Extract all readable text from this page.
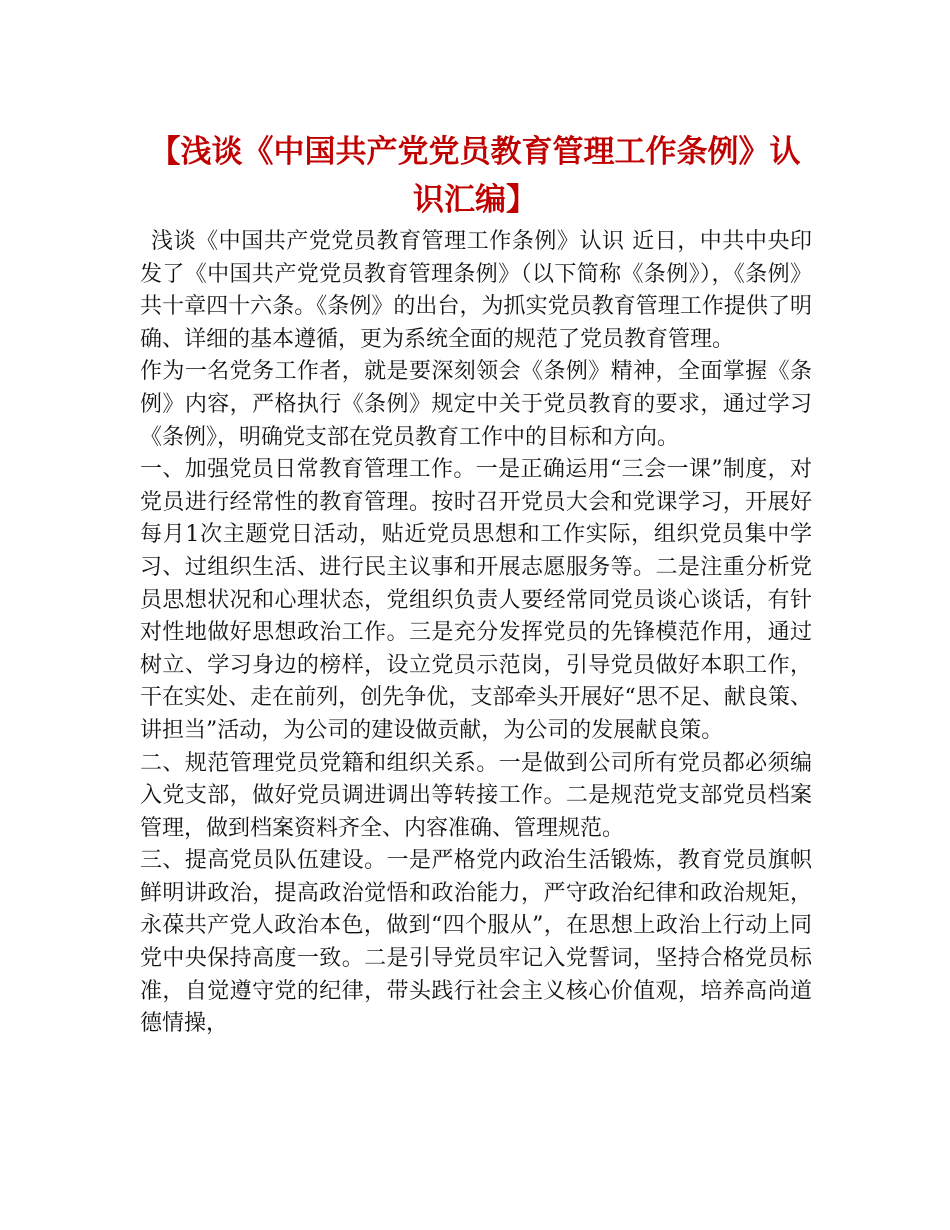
【浅谈《中国共产党党员教育管理工作条例》认识汇编】

浅谈《中国共产党党员教育管理工作条例》认识 近日，中共中央印发了《中国共产党党员教育管理条例》（以下简称《条例》），《条例》共十章四十六条。《条例》的出台，为抓实党员教育管理工作提供了明确、详细的基本遵循，更为系统全面的规范了党员教育管理。

作为一名党务工作者，就是要深刻领会《条例》精神，全面掌握《条例》内容，严格执行《条例》规定中关于党员教育的要求，通过学习《条例》，明确党支部在党员教育工作中的目标和方向。

一、加强党员日常教育管理工作。一是正确运用“三会一课”制度，对党员进行经常性的教育管理。按时召开党员大会和党课学习，开展好每月1次主题党日活动，贴近党员思想和工作实际，组织党员集中学习、过组织生活、进行民主议事和开展志愿服务等。二是注重分析党员思想状况和心理状态，党组织负责人要经常同党员谈心谈话，有针对性地做好思想政治工作。三是充分发挥党员的先锋模范作用，通过树立、学习身边的榜样，设立党员示范岗，引导党员做好本职工作，干在实处、走在前列，创先争优，支部牵头开展好“思不足、献良策、讲担当”活动，为公司的建设做贡献，为公司的发展献良策。

二、规范管理党员党籍和组织关系。一是做到公司所有党员都必须编入党支部，做好党员调进调出等转接工作。二是规范党支部党员档案管理，做到档案资料齐全、内容准确、管理规范。

三、提高党员队伍建设。一是严格党内政治生活锻炼，教育党员旗帜鲜明讲政治，提高政治觉悟和政治能力，严守政治纪律和政治规矩，永葆共产党人政治本色，做到“四个服从”，在思想上政治上行动上同党中央保持高度一致。二是引导党员牢记入党誓词，坚持合格党员标准，自觉遵守党的纪律，带头践行社会主义核心价值观，培养高尚道德情操，
